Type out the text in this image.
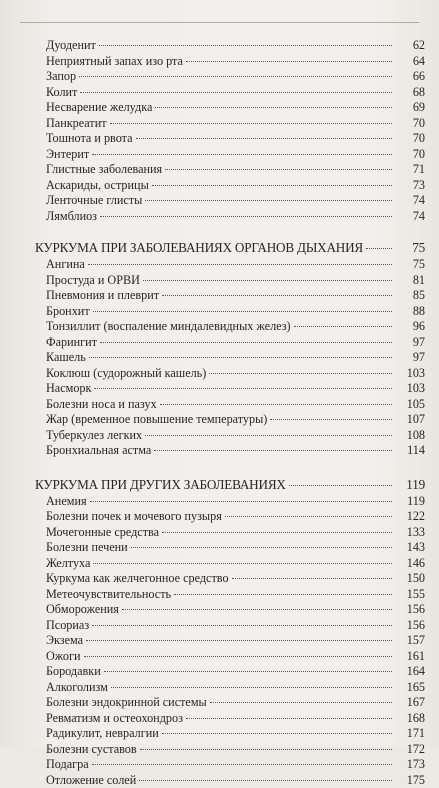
Дуоденит	62
Неприятный запах изо рта	64
Запор	66
Колит	68
Несварение желудка	69
Панкреатит	70
Тошнота и рвота	70
Энтерит	70
Глистные заболевания	71
Аскариды, острицы	73
Ленточные глисты	74
Лямблиоз	74
КУРКУМА ПРИ ЗАБОЛЕВАНИЯХ ОРГАНОВ ДЫХАНИЯ	75
Ангина	75
Простуда и ОРВИ	81
Пневмония и плеврит	85
Бронхит	88
Тонзиллит (воспаление миндалевидных желез)	96
Фарингит	97
Кашель	97
Коклюш (судорожный кашель)	103
Насморк	103
Болезни носа и пазух	105
Жар (временное повышение температуры)	107
Туберкулез легких	108
Бронхиальная астма	114
КУРКУМА ПРИ ДРУГИХ ЗАБОЛЕВАНИЯХ	119
Анемия	119
Болезни почек и мочевого пузыря	122
Мочегонные средства	133
Болезни печени	143
Желтуха	146
Куркума как желчегонное средство	150
Метеочувствительность	155
Обморожения	156
Псориаз	156
Экзема	157
Ожоги	161
Бородавки	164
Алкоголизм	165
Болезни эндокринной системы	167
Ревматизм и остеохондроз	168
Радикулит, невралгии	171
Болезни суставов	172
Подагра	173
Отложение солей	175
